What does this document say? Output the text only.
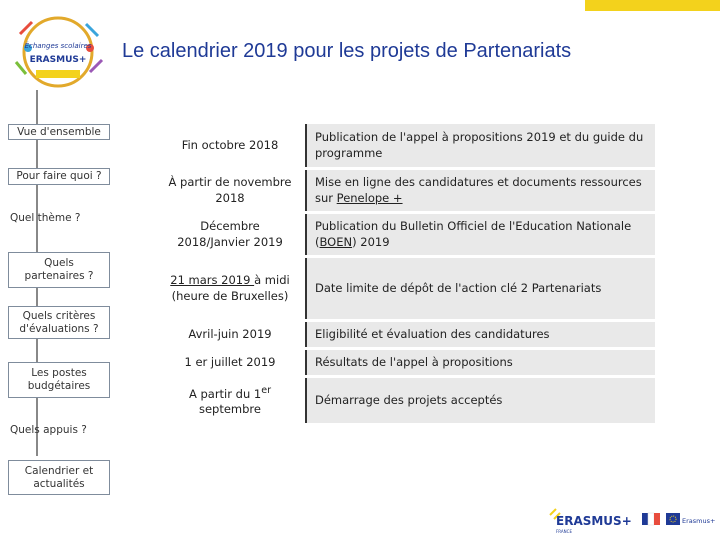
Échanges scolaires
ERASMUS+ Le calendrier 2019 pour les projets de Partenariats
Vue d'ensemble
Pour faire quoi ?
Quel thème ?
Quels
partenaires ?
Quels critères
d'évaluations ?
Les postes
budgétaires
Quels appuis ?
Calendrier et
actualités
Fin octobre 2018	Publication de l'appel à propositions 2019 et du guide du programme
À partir de novembre
2018	Mise en ligne des candidatures et documents ressources sur Penelope +
Décembre
2018/Janvier 2019	Publication du Bulletin Officiel de l'Education Nationale (BOEN) 2019
21 mars 2019 à midi
(heure de Bruxelles)	Date limite de dépôt de l'action clé 2 Partenariats
Avril-juin 2019	Eligibilité et évaluation des candidatures
1 er juillet 2019	Résultats de l'appel à propositions
A partir du 1er
septembre	Démarrage des projets acceptés
ERASMUS+
FRANCE
Erasmus+
